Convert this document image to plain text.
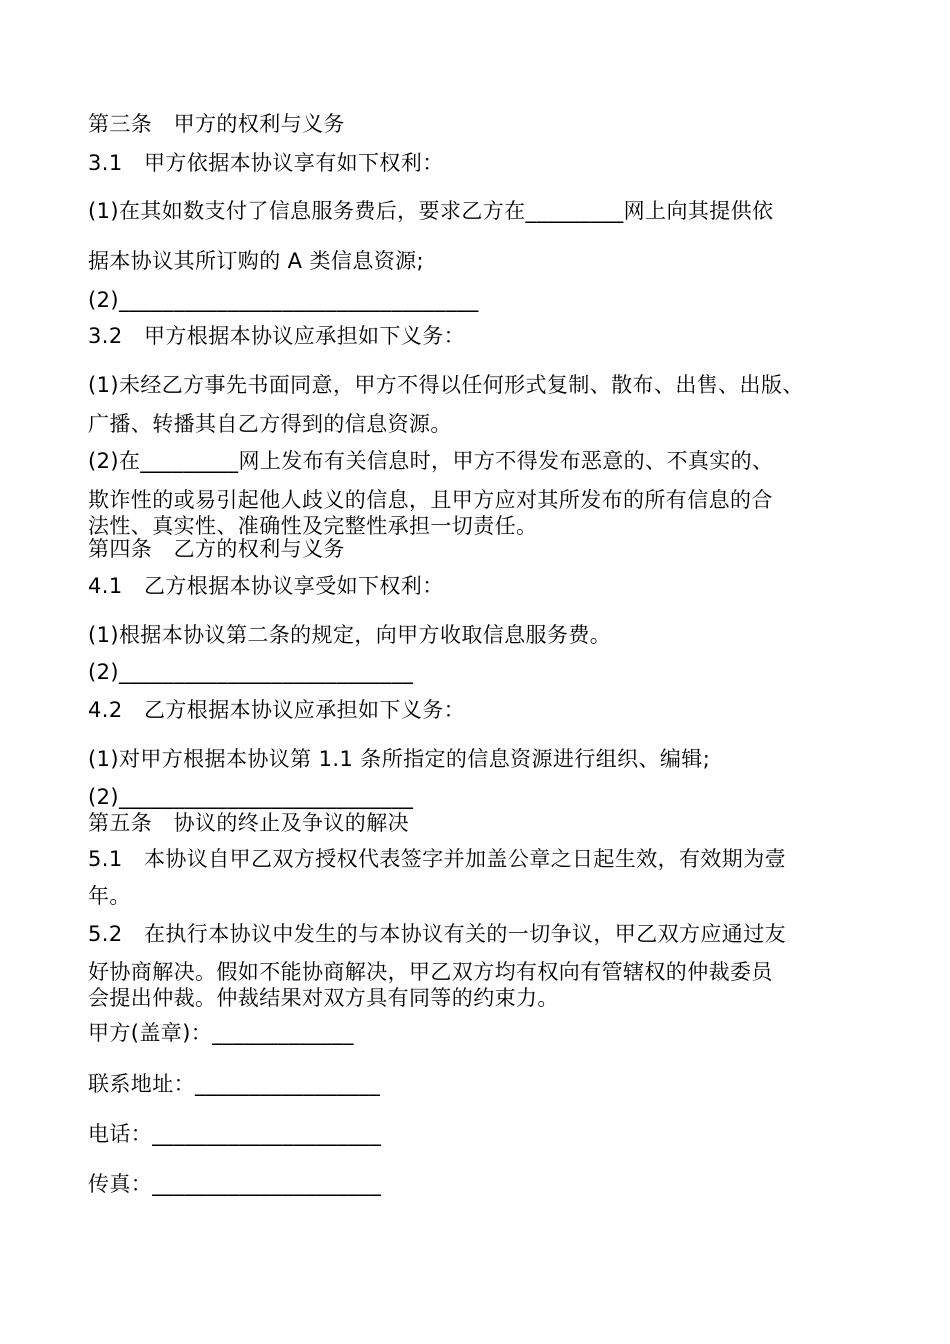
第三条　甲方的权利与义务
3.1　甲方依据本协议享有如下权利：
(1)在其如数支付了信息服务费后，要求乙方在_________网上向其提供依
据本协议其所订购的 A 类信息资源;
(2)_________________________________
3.2　甲方根据本协议应承担如下义务：
(1)未经乙方事先书面同意，甲方不得以任何形式复制、散布、出售、出版、
广播、转播其自乙方得到的信息资源。
(2)在_________网上发布有关信息时，甲方不得发布恶意的、不真实的、
欺诈性的或易引起他人歧义的信息，且甲方应对其所发布的所有信息的合
法性、真实性、准确性及完整性承担一切责任。
第四条　乙方的权利与义务
4.1　乙方根据本协议享受如下权利：
(1)根据本协议第二条的规定，向甲方收取信息服务费。
(2)___________________________
4.2　乙方根据本协议应承担如下义务：
(1)对甲方根据本协议第 1.1 条所指定的信息资源进行组织、编辑;
(2)___________________________
第五条　协议的终止及争议的解决
5.1　本协议自甲乙双方授权代表签字并加盖公章之日起生效，有效期为壹
年。
5.2　在执行本协议中发生的与本协议有关的一切争议，甲乙双方应通过友
好协商解决。假如不能协商解决，甲乙双方均有权向有管辖权的仲裁委员
会提出仲裁。仲裁结果对双方具有同等的约束力。
甲方(盖章)：_____________
联系地址：_________________
电话：_____________________
传真：_____________________
